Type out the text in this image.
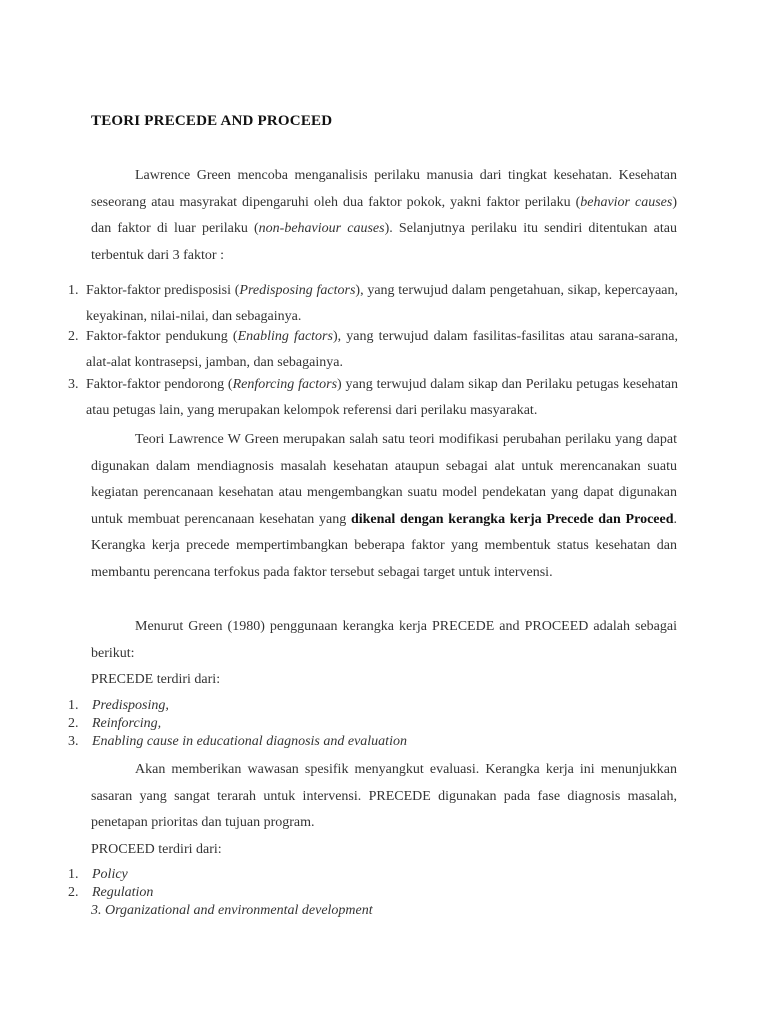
TEORI PRECEDE AND PROCEED

Lawrence Green mencoba menganalisis perilaku manusia dari tingkat kesehatan. Kesehatan seseorang atau masyrakat dipengaruhi oleh dua faktor pokok, yakni faktor perilaku (behavior causes) dan faktor di luar perilaku (non-behaviour causes). Selanjutnya perilaku itu sendiri ditentukan atau terbentuk dari 3 faktor :

1. Faktor-faktor predisposisi (Predisposing factors), yang terwujud dalam pengetahuan, sikap, kepercayaan, keyakinan, nilai-nilai, dan sebagainya.
2. Faktor-faktor pendukung (Enabling factors), yang terwujud dalam fasilitas-fasilitas atau sarana-sarana, alat-alat kontrasepsi, jamban, dan sebagainya.
3. Faktor-faktor pendorong (Renforcing factors) yang terwujud dalam sikap dan Perilaku petugas kesehatan atau petugas lain, yang merupakan kelompok referensi dari perilaku masyarakat.

Teori Lawrence W Green merupakan salah satu teori modifikasi perubahan perilaku yang dapat digunakan dalam mendiagnosis masalah kesehatan ataupun sebagai alat untuk merencanakan suatu kegiatan perencanaan kesehatan atau mengembangkan suatu model pendekatan yang dapat digunakan untuk membuat perencanaan kesehatan yang dikenal dengan kerangka kerja Precede dan Proceed. Kerangka kerja precede mempertimbangkan beberapa faktor yang membentuk status kesehatan dan membantu perencana terfokus pada faktor tersebut sebagai target untuk intervensi.

Menurut Green (1980) penggunaan kerangka kerja PRECEDE and PROCEED adalah sebagai berikut:

PRECEDE terdiri dari:

1. Predisposing,
2. Reinforcing,
3. Enabling cause in educational diagnosis and evaluation

Akan memberikan wawasan spesifik menyangkut evaluasi. Kerangka kerja ini menunjukkan sasaran yang sangat terarah untuk intervensi. PRECEDE digunakan pada fase diagnosis masalah, penetapan prioritas dan tujuan program.

PROCEED terdiri dari:

1. Policy
2. Regulation

3. Organizational and environmental development
